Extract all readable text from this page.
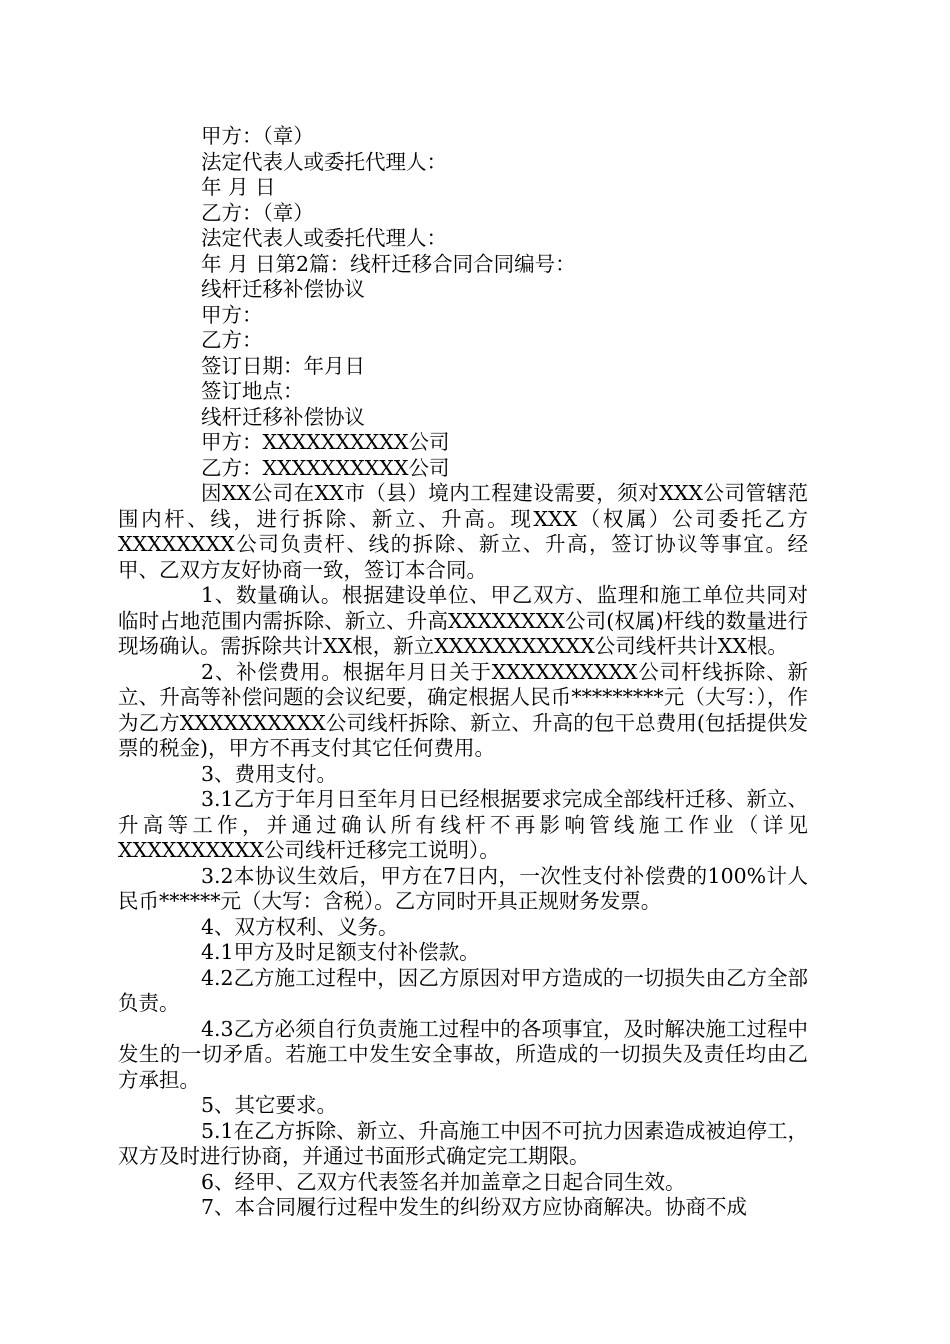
甲方：（章）

法定代表人或委托代理人：

年 月 日

乙方：（章）

法定代表人或委托代理人：

年 月 日第2篇：线杆迁移合同合同编号：

线杆迁移补偿协议

甲方：

乙方：

签订日期：年月日

签订地点：

线杆迁移补偿协议

甲方：XXXXXXXXXX公司

乙方：XXXXXXXXXX公司

因XX公司在XX市（县）境内工程建设需要，须对XXX公司管辖范围内杆、线，进行拆除、新立、升高。现XXX（权属）公司委托乙方XXXXXXXX公司负责杆、线的拆除、新立、升高，签订协议等事宜。经甲、乙双方友好协商一致，签订本合同。

1、数量确认。根据建设单位、甲乙双方、监理和施工单位共同对临时占地范围内需拆除、新立、升高XXXXXXXX公司(权属)杆线的数量进行现场确认。需拆除共计XX根，新立XXXXXXXXXXX公司线杆共计XX根。

2、补偿费用。根据年月日关于XXXXXXXXXX公司杆线拆除、新立、升高等补偿问题的会议纪要，确定根据人民币*********元（大写：），作为乙方XXXXXXXXXX公司线杆拆除、新立、升高的包干总费用(包括提供发票的税金)，甲方不再支付其它任何费用。

3、费用支付。

3.1乙方于年月日至年月日已经根据要求完成全部线杆迁移、新立、升高等工作，并通过确认所有线杆不再影响管线施工作业（详见XXXXXXXXXX公司线杆迁移完工说明）。

3.2本协议生效后，甲方在7日内，一次性支付补偿费的100%计人民币******元（大写：含税）。乙方同时开具正规财务发票。

4、双方权利、义务。

4.1甲方及时足额支付补偿款。

4.2乙方施工过程中，因乙方原因对甲方造成的一切损失由乙方全部负责。

4.3乙方必须自行负责施工过程中的各项事宜，及时解决施工过程中发生的一切矛盾。若施工中发生安全事故，所造成的一切损失及责任均由乙方承担。

5、其它要求。

5.1在乙方拆除、新立、升高施工中因不可抗力因素造成被迫停工，双方及时进行协商，并通过书面形式确定完工期限。

6、经甲、乙双方代表签名并加盖章之日起合同生效。

7、本合同履行过程中发生的纠纷双方应协商解决。协商不成
